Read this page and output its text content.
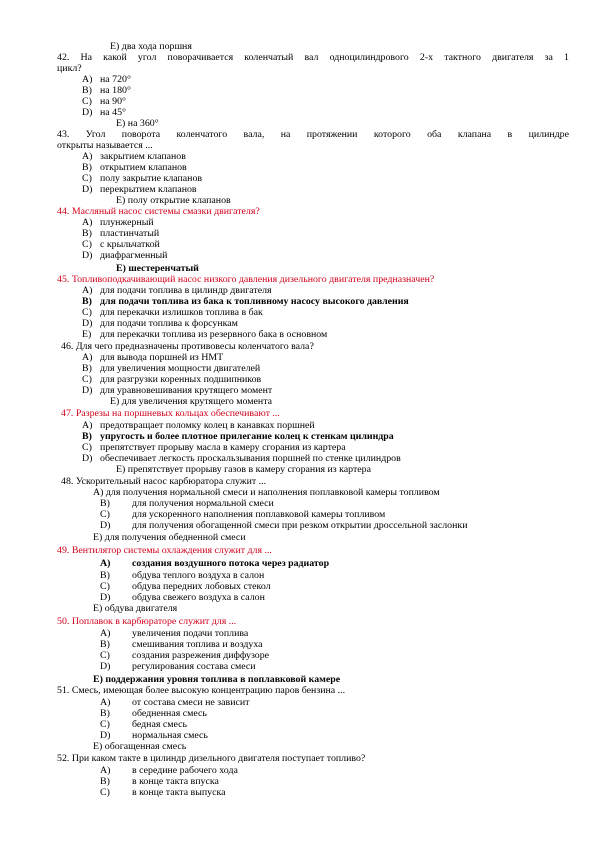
Е) два хода поршня
42. На какой угол поворачивается коленчатый вал одноцилиндрового 2-х тактного двигателя за 1
цикл?
A) на 720°
B) на 180°
C) на 90°
D) на 45°
Е) на 360°
43. Угол поворота коленчатого вала, на протяжении которого оба клапана в цилиндре
открыты называется ...
A) закрытием клапанов
B) открытием клапанов
C) полу закрытие клапанов
D) перекрытием клапанов
Е) полу открытие клапанов
44. Масляный насос системы смазки двигателя?
A) плунжерный
B) пластинчатый
C) с крыльчаткой
D) диафрагменный
Е) шестеренчатый
45. Топливоподкачивающий насос низкого давления дизельного двигателя предназначен?
A) для подачи топлива в цилиндр двигателя
B) для подачи топлива из бака к топливному насосу высокого давления
C) для перекачки излишков топлива в бак
D) для подачи топлива к форсункам
E) для перекачки топлива из резервного бака в основном
46. Для чего предназначены противовесы коленчатого вала?
A) для вывода поршней из НМТ
B) для увеличения мощности двигателей
C) для разгрузки коренных подшипников
D) для уравновешивания крутящего момент
Е) для увеличения крутящего момента
47. Разрезы на поршневых кольцах обеспечивают ...
A) предотвращает поломку колец в канавках поршней
B) упругость и более плотное прилегание колец к стенкам цилиндра
C) препятствует прорыву масла в камеру сгорания из картера
D) обеспечивает легкость проскальзывания поршней по стенке цилиндров
Е) препятствует прорыву газов в камеру сгорания из картера
48. Ускорительный насос карбюратора служит ...
А) для получения нормальной смеси и наполнения поплавковой камеры топливом
B) для получения нормальной смеси
C) для ускоренного наполнения поплавковой камеры топливом
D) для получения обогащенной смеси при резком открытии дроссельной заслонки
Е) для получения обедненной смеси
49. Вентилятор системы охлаждения служит для ...
A) создания воздушного потока через радиатор
B) обдува теплого воздуха в салон
C) обдува передних лобовых стекол
D) обдува свежего воздуха в салон
Е) обдува двигателя
50. Поплавок в карбюраторе служит для ...
A) увеличения подачи топлива
B) смешивания топлива и воздуха
C) создания разрежения диффузоре
D) регулирования состава смеси
Е) поддержания уровня топлива в поплавковой камере
51. Смесь, имеющая более высокую концентрацию паров бензина ...
A) от состава смеси не зависит
B) обедненная смесь
C) бедная смесь
D) нормальная смесь
Е) обогащенная смесь
52. При каком такте в цилиндр дизельного двигателя поступает топливо?
A) в середине рабочего хода
B) в конце такта впуска
C) в конце такта выпуска
